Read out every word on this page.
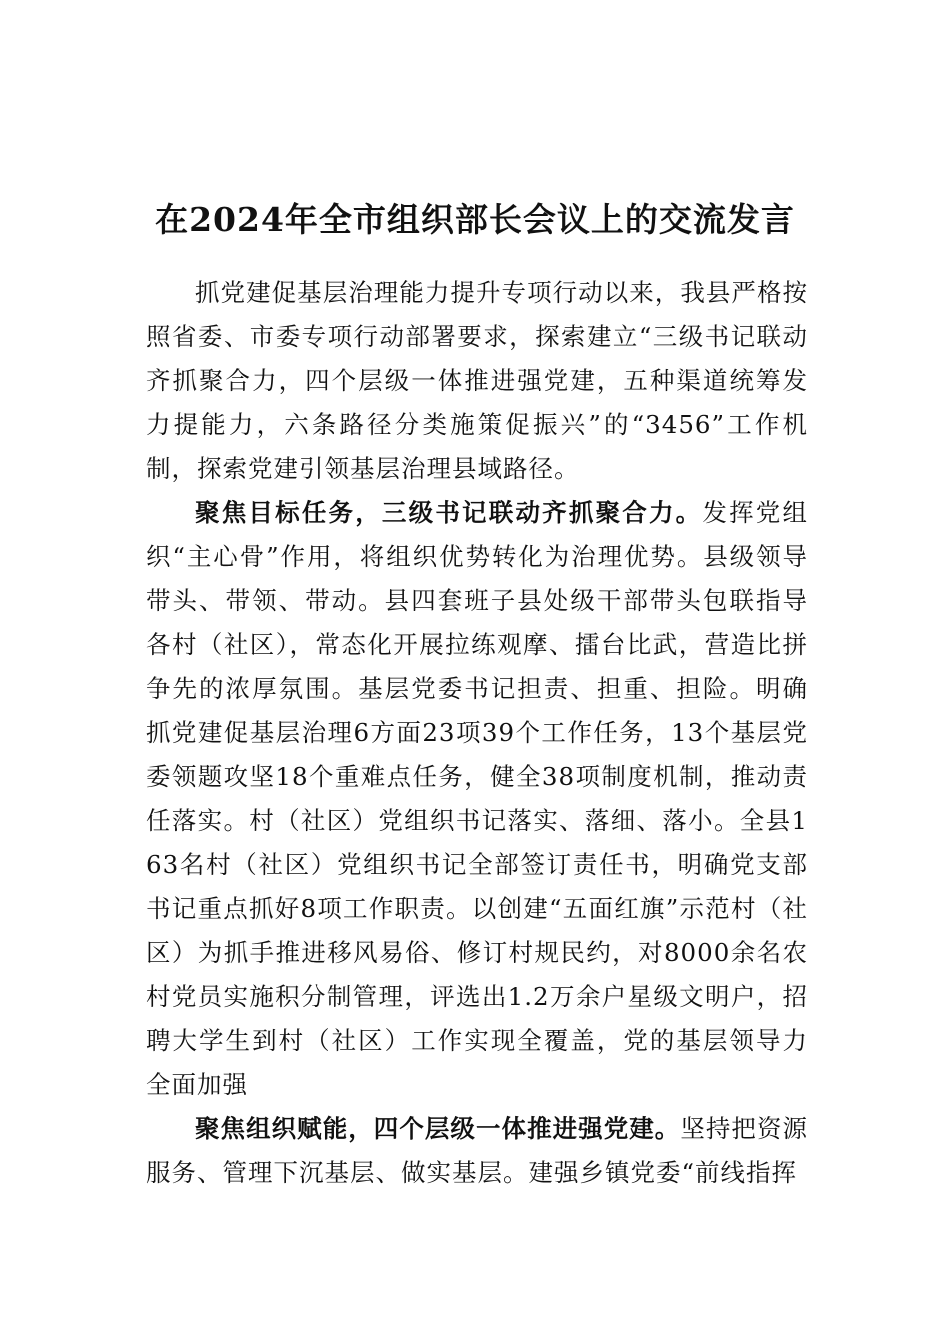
在2024年全市组织部长会议上的交流发言

抓党建促基层治理能力提升专项行动以来，我县严格按照省委、市委专项行动部署要求，探索建立“三级书记联动齐抓聚合力，四个层级一体推进强党建，五种渠道统筹发力提能力，六条路径分类施策促振兴”的“3456”工作机制，探索党建引领基层治理县域路径。

聚焦目标任务，三级书记联动齐抓聚合力。发挥党组织“主心骨”作用，将组织优势转化为治理优势。县级领导带头、带领、带动。县四套班子县处级干部带头包联指导各村（社区），常态化开展拉练观摩、擂台比武，营造比拼争先的浓厚氛围。基层党委书记担责、担重、担险。明确抓党建促基层治理6方面23项39个工作任务，13个基层党委领题攻坚18个重难点任务，健全38项制度机制，推动责任落实。村（社区）党组织书记落实、落细、落小。全县163名村（社区）党组织书记全部签订责任书，明确党支部书记重点抓好8项工作职责。以创建“五面红旗”示范村（社区）为抓手推进移风易俗、修订村规民约，对8000余名农村党员实施积分制管理，评选出1.2万余户星级文明户，招聘大学生到村（社区）工作实现全覆盖，党的基层领导力全面加强

聚焦组织赋能，四个层级一体推进强党建。坚持把资源服务、管理下沉基层、做实基层。建强乡镇党委“前线指挥
